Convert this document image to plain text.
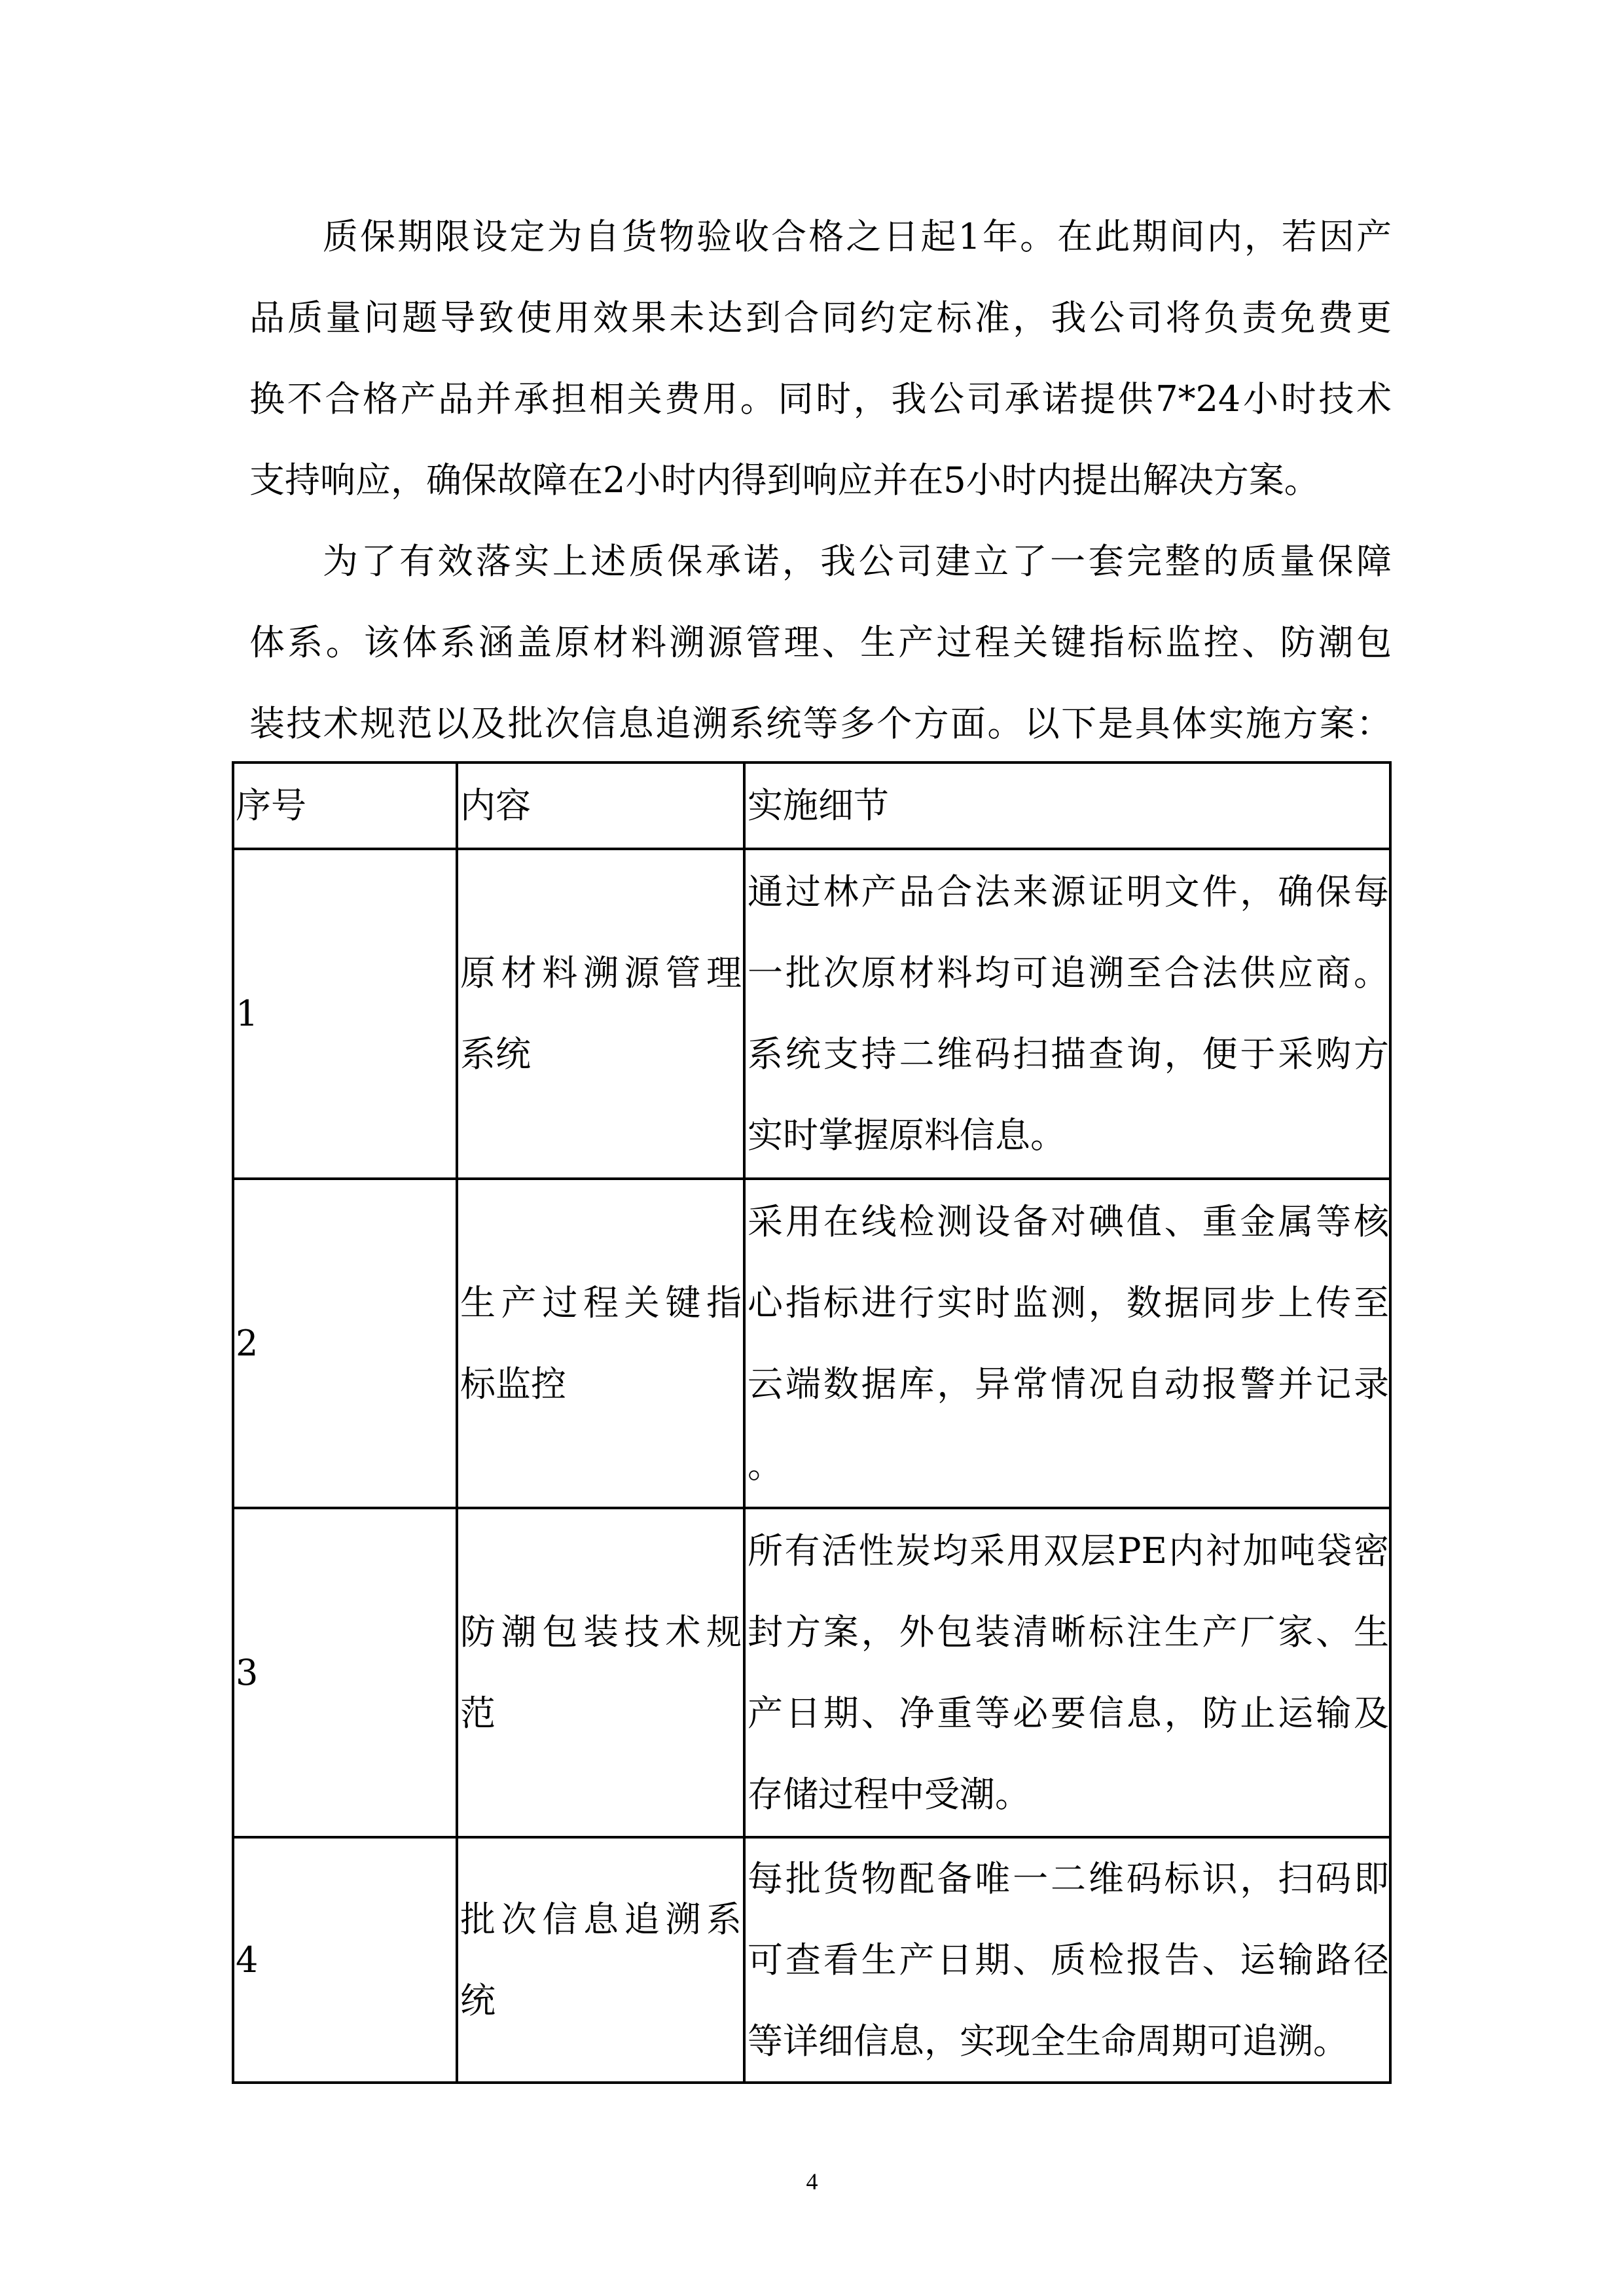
质保期限设定为自货物验收合格之日起1年。在此期间内，若因产
品质量问题导致使用效果未达到合同约定标准，我公司将负责免费更
换不合格产品并承担相关费用。同时，我公司承诺提供7*24小时技术
支持响应，确保故障在2小时内得到响应并在5小时内提出解决方案。

为了有效落实上述质保承诺，我公司建立了一套完整的质量保障
体系。该体系涵盖原材料溯源管理、生产过程关键指标监控、防潮包
装技术规范以及批次信息追溯系统等多个方面。以下是具体实施方案：

序号	内容	实施细节
1
原材料溯源管理
系统
通过林产品合法来源证明文件，确保每
一批次原材料均可追溯至合法供应商。
系统支持二维码扫描查询，便于采购方
实时掌握原料信息。
2
生产过程关键指
标监控
采用在线检测设备对碘值、重金属等核
心指标进行实时监测，数据同步上传至
云端数据库，异常情况自动报警并记录
。
3
防潮包装技术规
范
所有活性炭均采用双层PE内衬加吨袋密
封方案，外包装清晰标注生产厂家、生
产日期、净重等必要信息，防止运输及
存储过程中受潮。
4
批次信息追溯系
统
每批货物配备唯一二维码标识，扫码即
可查看生产日期、质检报告、运输路径
等详细信息，实现全生命周期可追溯。
4
